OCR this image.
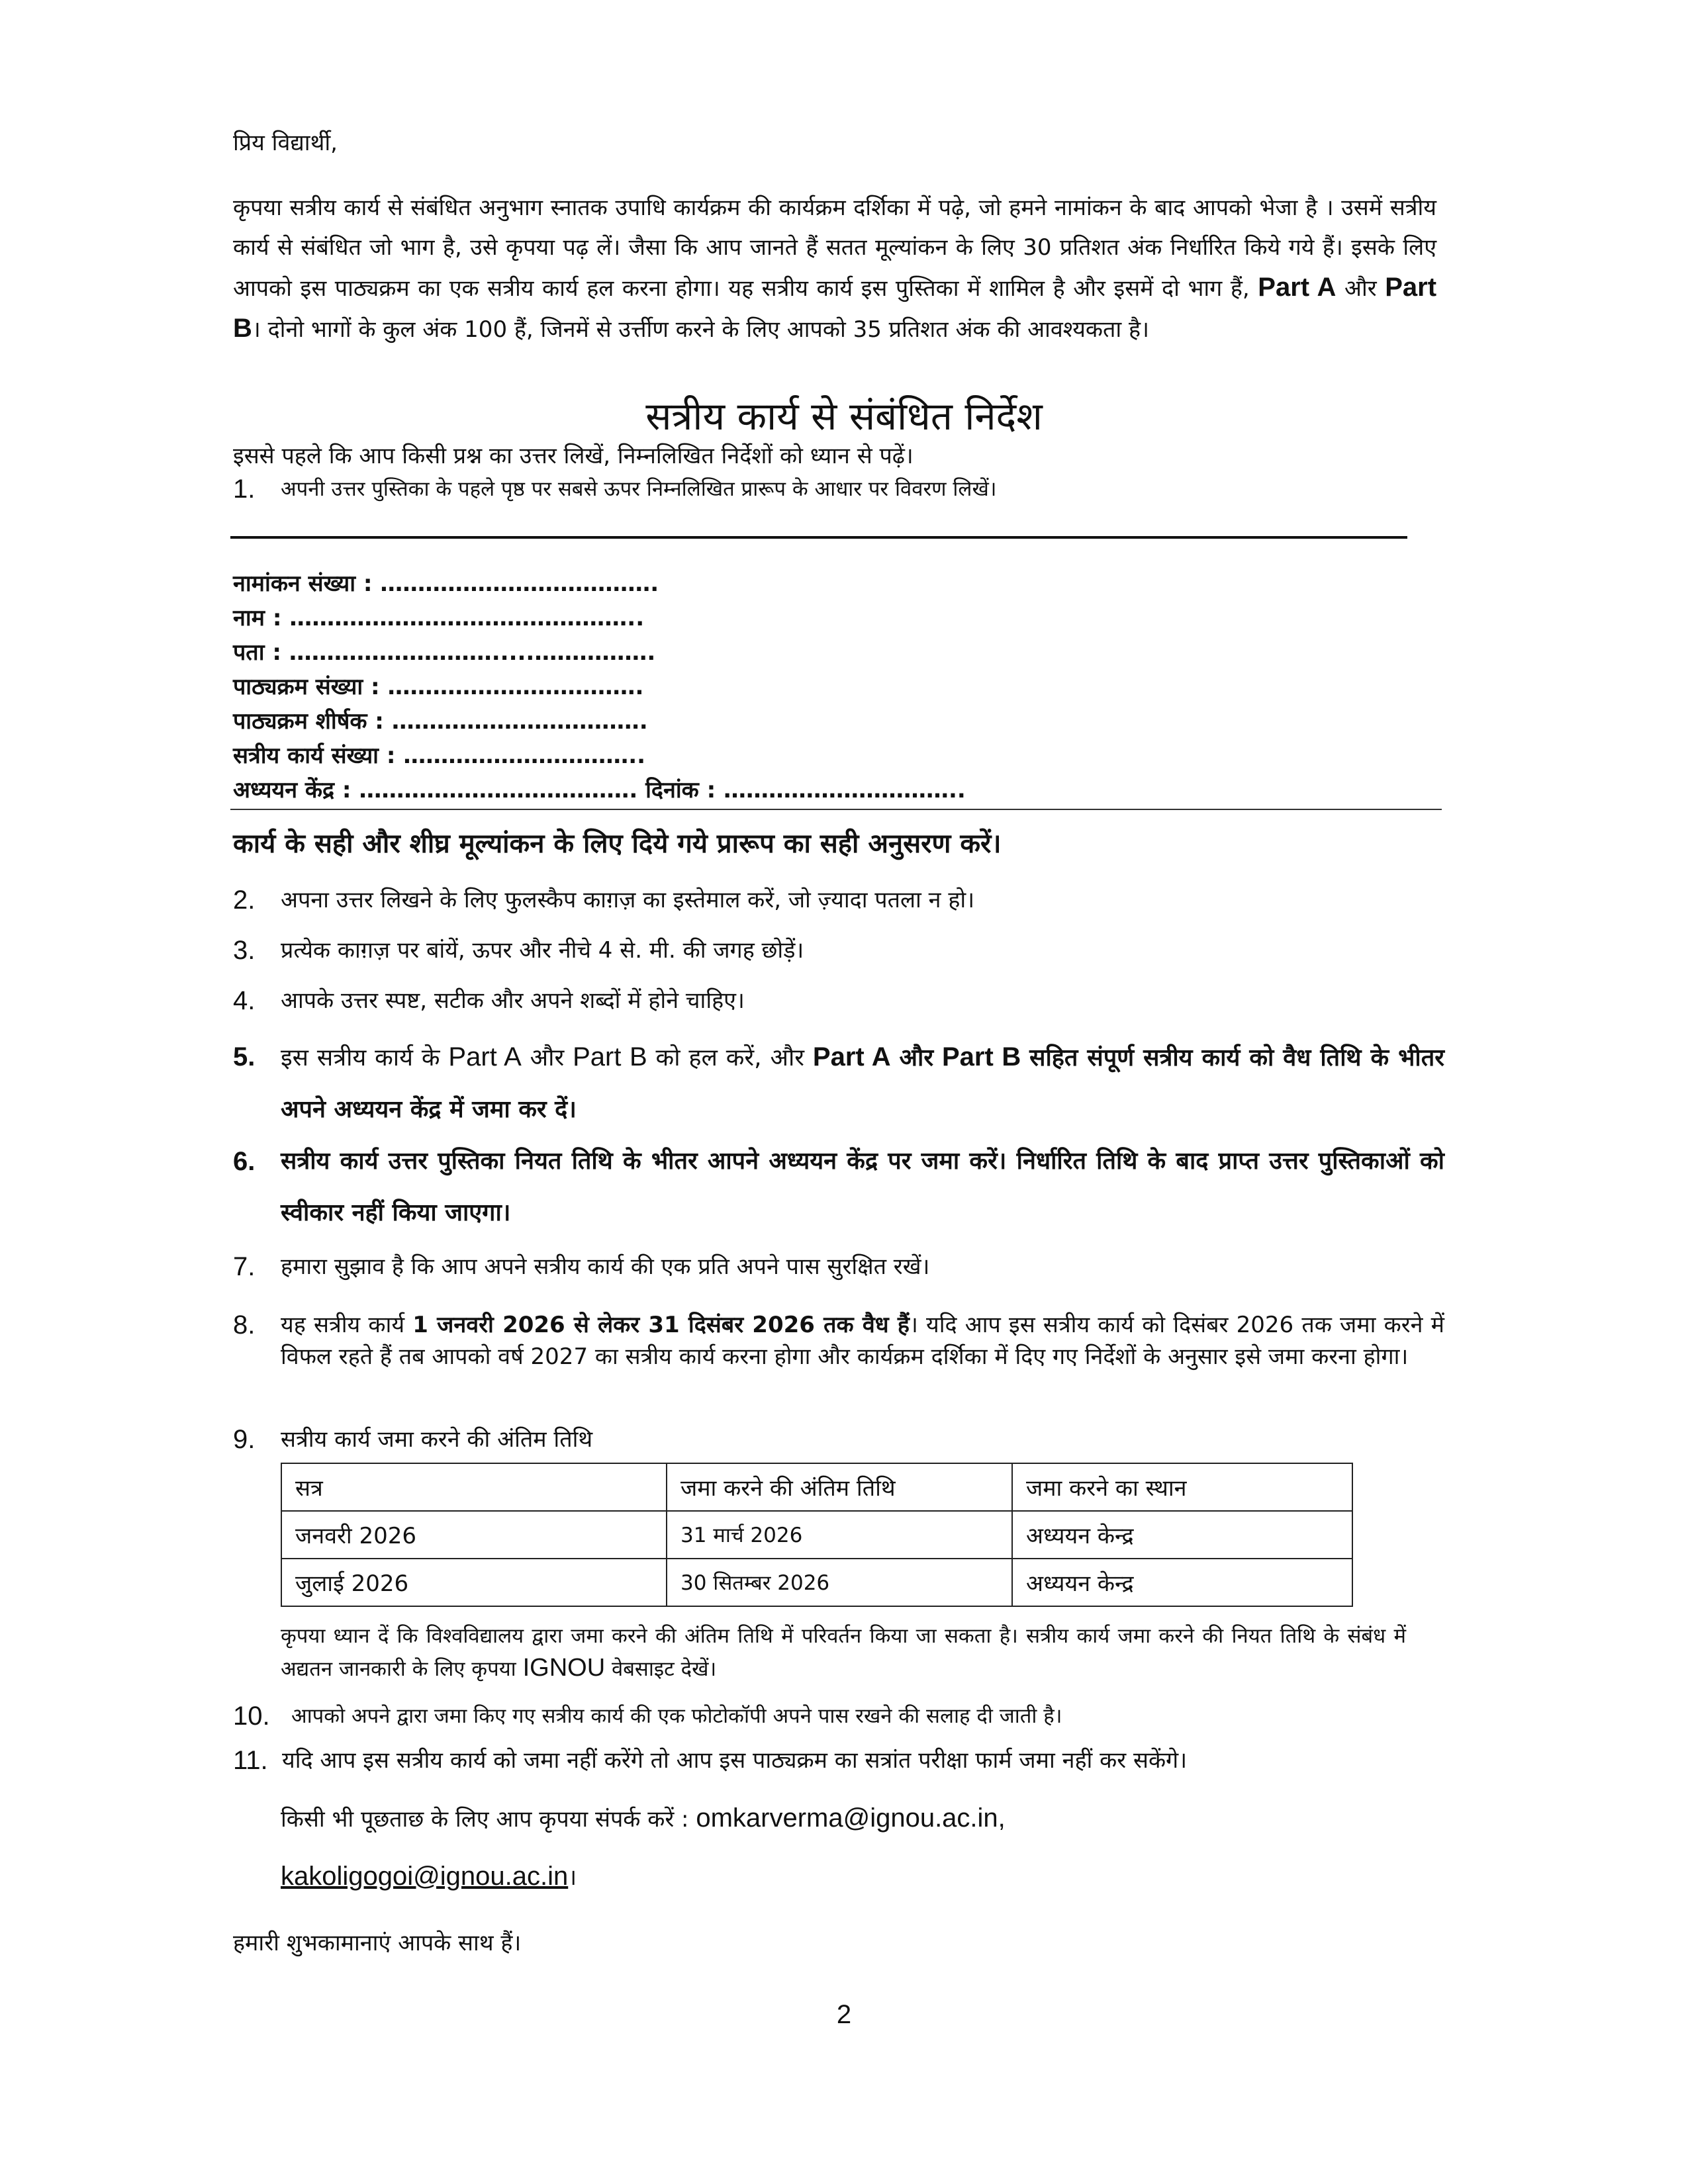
प्रिय विद्यार्थी,
कृपया सत्रीय कार्य से संबंधित अनुभाग स्नातक उपाधि कार्यक्रम की कार्यक्रम दर्शिका में पढ़े, जो हमने नामांकन के बाद आपको भेजा है । उसमें सत्रीय कार्य से संबंधित जो भाग है, उसे कृपया पढ़ लें। जैसा कि आप जानते हैं सतत मूल्यांकन के लिए 30 प्रतिशत अंक निर्धारित किये गये हैं। इसके लिए आपको इस पाठ्यक्रम का एक सत्रीय कार्य हल करना होगा। यह सत्रीय कार्य इस पुस्तिका में शामिल है और इसमें दो भाग हैं, Part A और Part B। दोनो भागों के कुल अंक 100 हैं, जिनमें से उर्त्तीण करने के लिए आपको 35 प्रतिशत अंक की आवश्यकता है।
सत्रीय कार्य से संबंधित निर्देश
इससे पहले कि आप किसी प्रश्न का उत्तर लिखें, निम्नलिखित निर्देशों को ध्यान से पढ़ें।
1. अपनी उत्तर पुस्तिका के पहले पृष्ठ पर सबसे ऊपर निम्नलिखित प्रारूप के आधार पर विवरण लिखें।
नामांकन संख्या : ……………………………….
नाम : ………………………………………..
पता : ……………………….....…………….
पाठ्यक्रम संख्या : …………………………….
पाठ्यक्रम शीर्षक : …………………………….
सत्रीय कार्य संख्या : …………………………..
अध्ययन केंद्र : ………………………………. दिनांक : …………………………..
कार्य के सही और शीघ्र मूल्यांकन के लिए दिये गये प्रारूप का सही अनुसरण करें।
2. अपना उत्तर लिखने के लिए फुलस्कैप काग़ज़ का इस्तेमाल करें, जो ज़्यादा पतला न हो।
3. प्रत्येक काग़ज़ पर बांयें, ऊपर और नीचे 4 से. मी. की जगह छोड़ें।
4. आपके उत्तर स्पष्ट, सटीक और अपने शब्दों में होने चाहिए।
5. इस सत्रीय कार्य के Part A और Part B को हल करें, और Part A और Part B सहित संपूर्ण सत्रीय कार्य को वैध तिथि के भीतर अपने अध्ययन केंद्र में जमा कर दें।
6. सत्रीय कार्य उत्तर पुस्तिका नियत तिथि के भीतर आपने अध्ययन केंद्र पर जमा करें। निर्धारित तिथि के बाद प्राप्त उत्तर पुस्तिकाओं को स्वीकार नहीं किया जाएगा।
7. हमारा सुझाव है कि आप अपने सत्रीय कार्य की एक प्रति अपने पास सुरक्षित रखें।
8. यह सत्रीय कार्य 1 जनवरी 2026 से लेकर 31 दिसंबर 2026 तक वैध हैं। यदि आप इस सत्रीय कार्य को दिसंबर 2026 तक जमा करने में विफल रहते हैं तब आपको वर्ष 2027 का सत्रीय कार्य करना होगा और कार्यक्रम दर्शिका में दिए गए निर्देशों के अनुसार इसे जमा करना होगा।
9. सत्रीय कार्य जमा करने की अंतिम तिथि
सत्र	जमा करने की अंतिम तिथि	जमा करने का स्थान
जनवरी 2026	31 मार्च 2026	अध्ययन केन्द्र
जुलाई 2026	30 सितम्बर 2026	अध्ययन केन्द्र
कृपया ध्यान दें कि विश्वविद्यालय द्वारा जमा करने की अंतिम तिथि में परिवर्तन किया जा सकता है। सत्रीय कार्य जमा करने की नियत तिथि के संबंध में अद्यतन जानकारी के लिए कृपया IGNOU वेबसाइट देखें।
10. आपको अपने द्वारा जमा किए गए सत्रीय कार्य की एक फोटोकॉपी अपने पास रखने की सलाह दी जाती है।
11. यदि आप इस सत्रीय कार्य को जमा नहीं करेंगे तो आप इस पाठ्यक्रम का सत्रांत परीक्षा फार्म जमा नहीं कर सकेंगे।
किसी भी पूछताछ के लिए आप कृपया संपर्क करें : omkarverma@ignou.ac.in,
kakoligogoi@ignou.ac.in।
हमारी शुभकामानाएं आपके साथ हैं।
2
